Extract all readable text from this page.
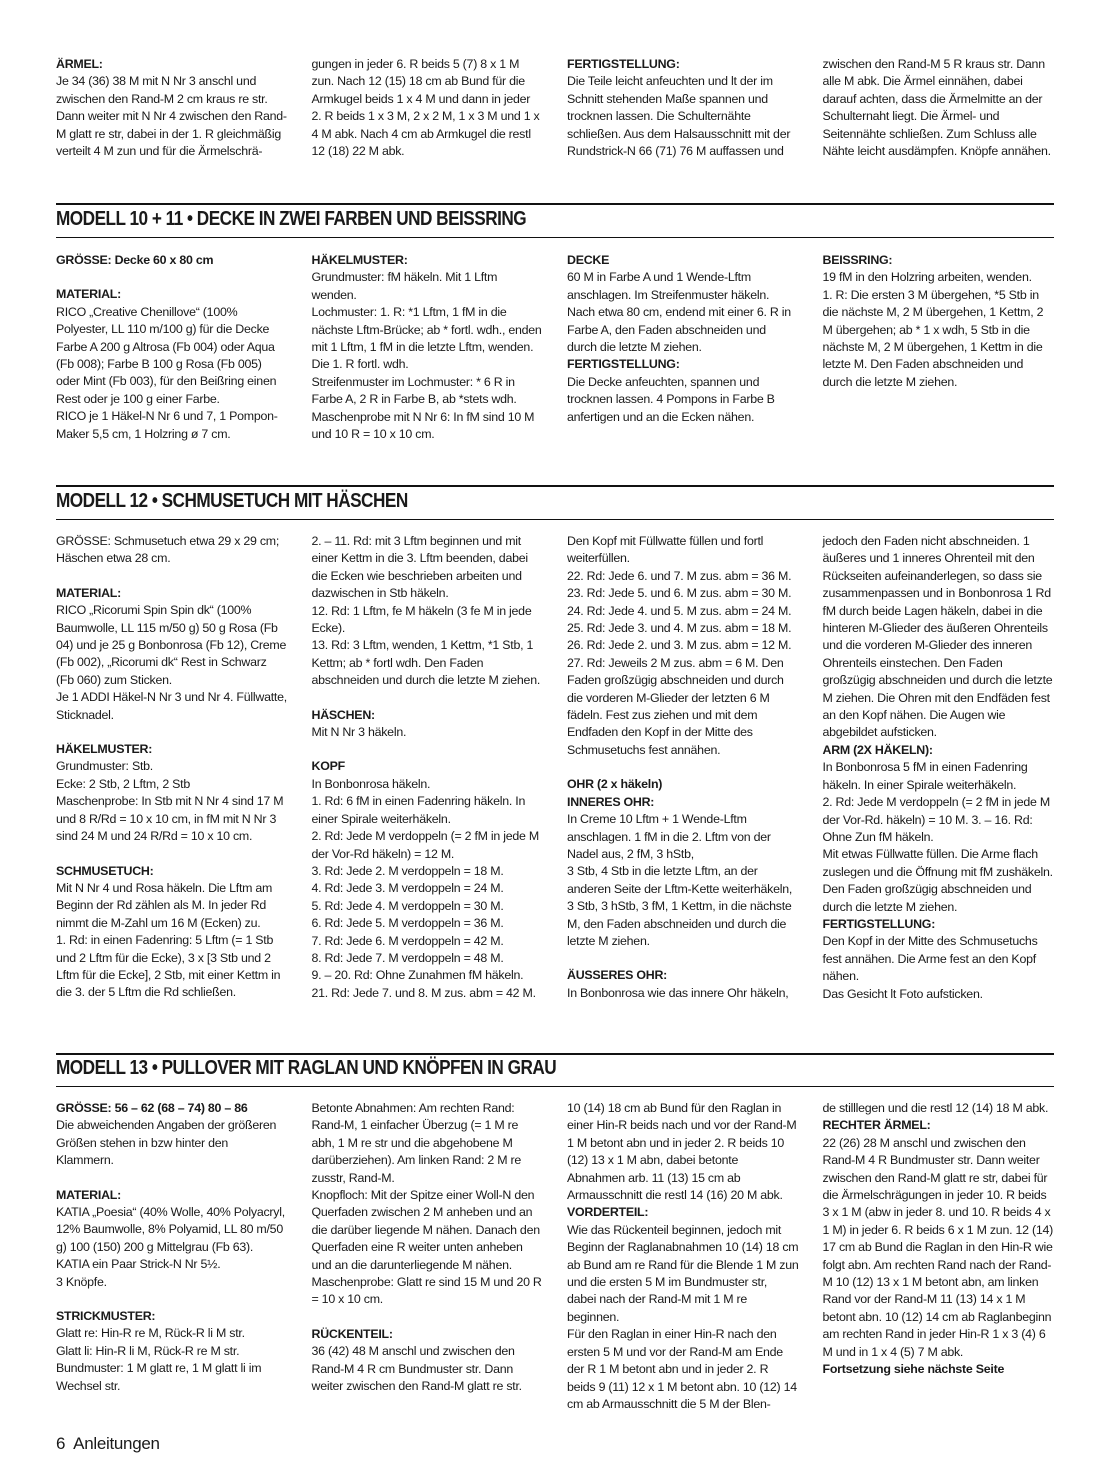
ÄRMEL:

Je 34 (36) 38 M mit N Nr 3 anschl und zwischen den Rand-M 2 cm kraus re str. Dann weiter mit N Nr 4 zwischen den Rand-M glatt re str, dabei in der 1. R gleichmäßig verteilt 4 M zun und für die Ärmelschrä-

gungen in jeder 6. R beids 5 (7) 8 x 1 M zun. Nach 12 (15) 18 cm ab Bund für die Armkugel beids 1 x 4 M und dann in jeder 2. R beids 1 x 3 M, 2 x 2 M, 1 x 3 M und 1 x 4 M abk. Nach 4 cm ab Armkugel die restl 12 (18) 22 M abk.

FERTIGSTELLUNG:

Die Teile leicht anfeuchten und lt der im Schnitt stehenden Maße spannen und trocknen lassen. Die Schulternähte schließen. Aus dem Halsausschnitt mit der Rundstrick-N 66 (71) 76 M auffassen und

zwischen den Rand-M 5 R kraus str. Dann alle M abk. Die Ärmel einnähen, dabei darauf achten, dass die Ärmelmitte an der Schulternaht liegt. Die Ärmel- und Seitennähte schließen. Zum Schluss alle Nähte leicht ausdämpfen. Knöpfe annähen.

MODELL 10 + 11 • DECKE IN ZWEI FARBEN UND BEISSRING

GRÖSSE: Decke 60 x 80 cm

MATERIAL:

RICO „Creative Chenillove“ (100% Polyester, LL 110 m/100 g) für die Decke Farbe A 200 g Altrosa (Fb 004) oder Aqua (Fb 008); Farbe B 100 g Rosa (Fb 005) oder Mint (Fb 003), für den Beißring einen Rest oder je 100 g einer Farbe.

RICO je 1 Häkel-N Nr 6 und 7, 1 Pompon-Maker 5,5 cm, 1 Holzring ø 7 cm.

HÄKELMUSTER:

Grundmuster: fM häkeln. Mit 1 Lftm wenden.

Lochmuster: 1. R: *1 Lftm, 1 fM in die nächste Lftm-Brücke; ab * fortl. wdh., enden mit 1 Lftm, 1 fM in die letzte Lftm, wenden. Die 1. R fortl. wdh.

Streifenmuster im Lochmuster: * 6 R in Farbe A, 2 R in Farbe B, ab *stets wdh.

Maschenprobe mit N Nr 6: In fM sind 10 M und 10 R = 10 x 10 cm.

DECKE

60 M in Farbe A und 1 Wende-Lftm anschlagen. Im Streifenmuster häkeln. Nach etwa 80 cm, endend mit einer 6. R in Farbe A, den Faden abschneiden und durch die letzte M ziehen.

FERTIGSTELLUNG:

Die Decke anfeuchten, spannen und trocknen lassen. 4 Pompons in Farbe B anfertigen und an die Ecken nähen.

BEISSRING:

19 fM in den Holzring arbeiten, wenden.

1. R: Die ersten 3 M übergehen, *5 Stb in die nächste M, 2 M übergehen, 1 Kettm, 2 M übergehen; ab * 1 x wdh, 5 Stb in die nächste M, 2 M übergehen, 1 Kettm in die letzte M. Den Faden abschneiden und durch die letzte M ziehen.

MODELL 12 • SCHMUSETUCH MIT HÄSCHEN

GRÖSSE: Schmusetuch etwa 29 x 29 cm; Häschen etwa 28 cm.

MATERIAL:

RICO „Ricorumi Spin Spin dk“ (100% Baumwolle, LL 115 m/50 g) 50 g Rosa (Fb 04) und je 25 g Bonbonrosa (Fb 12), Creme (Fb 002), „Ricorumi dk“ Rest in Schwarz (Fb 060) zum Sticken.

Je 1 ADDI Häkel-N Nr 3 und Nr 4. Füllwatte, Sticknadel.

HÄKELMUSTER:

Grundmuster: Stb.

Ecke: 2 Stb, 2 Lftm, 2 Stb

Maschenprobe: In Stb mit N Nr 4 sind 17 M und 8 R/Rd = 10 x 10 cm, in fM mit N Nr 3 sind 24 M und 24 R/Rd = 10 x 10 cm.

SCHMUSETUCH:

Mit N Nr 4 und Rosa häkeln. Die Lftm am Beginn der Rd zählen als M. In jeder Rd nimmt die M-Zahl um 16 M (Ecken) zu.

1. Rd: in einen Fadenring: 5 Lftm (= 1 Stb und 2 Lftm für die Ecke), 3 x [3 Stb und 2 Lftm für die Ecke], 2 Stb, mit einer Kettm in die 3. der 5 Lftm die Rd schließen.

2. – 11. Rd: mit 3 Lftm beginnen und mit einer Kettm in die 3. Lftm beenden, dabei die Ecken wie beschrieben arbeiten und dazwischen in Stb häkeln.

12. Rd: 1 Lftm, fe M häkeln (3 fe M in jede Ecke).

13. Rd: 3 Lftm, wenden, 1 Kettm, *1 Stb, 1 Kettm; ab * fortl wdh. Den Faden abschneiden und durch die letzte M ziehen.

HÄSCHEN:

Mit N Nr 3 häkeln.

KOPF

In Bonbonrosa häkeln.

1. Rd: 6 fM in einen Fadenring häkeln. In einer Spirale weiterhäkeln.

2. Rd: Jede M verdoppeln (= 2 fM in jede M der Vor-Rd häkeln) = 12 M.

3. Rd: Jede 2. M verdoppeln = 18 M.

4. Rd: Jede 3. M verdoppeln = 24 M.

5. Rd: Jede 4. M verdoppeln = 30 M.

6. Rd: Jede 5. M verdoppeln = 36 M.

7. Rd: Jede 6. M verdoppeln = 42 M.

8. Rd: Jede 7. M verdoppeln = 48 M.

9. – 20. Rd: Ohne Zunahmen fM häkeln.

21. Rd: Jede 7. und 8. M zus. abm = 42 M.

Den Kopf mit Füllwatte füllen und fortl weiterfüllen.

22. Rd: Jede 6. und 7. M zus. abm = 36 M.

23. Rd: Jede 5. und 6. M zus. abm = 30 M.

24. Rd: Jede 4. und 5. M zus. abm = 24 M.

25. Rd: Jede 3. und 4. M zus. abm = 18 M.

26. Rd: Jede 2. und 3. M zus. abm = 12 M.

27. Rd: Jeweils 2 M zus. abm = 6 M. Den Faden großzügig abschneiden und durch die vorderen M-Glieder der letzten 6 M fädeln. Fest zus ziehen und mit dem Endfaden den Kopf in der Mitte des Schmusetuchs fest annähen.

OHR (2 x häkeln)

INNERES OHR:

In Creme 10 Lftm + 1 Wende-Lftm anschlagen. 1 fM in die 2. Lftm von der Nadel aus, 2 fM, 3 hStb,

3 Stb, 4 Stb in die letzte Lftm, an der anderen Seite der Lftm-Kette weiterhäkeln, 3 Stb, 3 hStb, 3 fM, 1 Kettm, in die nächste M, den Faden abschneiden und durch die letzte M ziehen.

ÄUSSERES OHR:

In Bonbonrosa wie das innere Ohr häkeln,

jedoch den Faden nicht abschneiden. 1 äußeres und 1 inneres Ohrenteil mit den Rückseiten aufeinanderlegen, so dass sie zusammenpassen und in Bonbonrosa 1 Rd fM durch beide Lagen häkeln, dabei in die hinteren M-Glieder des äußeren Ohrenteils und die vorderen M-Glieder des inneren Ohrenteils einstechen. Den Faden großzügig abschneiden und durch die letzte M ziehen. Die Ohren mit den Endfäden fest an den Kopf nähen. Die Augen wie abgebildet aufsticken.

ARM (2X HÄKELN):

In Bonbonrosa 5 fM in einen Fadenring häkeln. In einer Spirale weiterhäkeln.

2. Rd: Jede M verdoppeln (= 2 fM in jede M der Vor-Rd. häkeln) = 10 M. 3. – 16. Rd: Ohne Zun fM häkeln.

Mit etwas Füllwatte füllen. Die Arme flach zuslegen und die Öffnung mit fM zushäkeln. Den Faden großzügig abschneiden und durch die letzte M ziehen.

FERTIGSTELLUNG:

Den Kopf in der Mitte des Schmusetuchs fest annähen. Die Arme fest an den Kopf nähen.

Das Gesicht lt Foto aufsticken.

MODELL 13 • PULLOVER MIT RAGLAN UND KNÖPFEN IN GRAU

GRÖSSE: 56 – 62 (68 – 74) 80 – 86

Die abweichenden Angaben der größeren Größen stehen in bzw hinter den Klammern.

MATERIAL:

KATIA „Poesia“ (40% Wolle, 40% Polyacryl, 12% Baumwolle, 8% Polyamid, LL 80 m/50 g) 100 (150) 200 g Mittelgrau (Fb 63).

KATIA ein Paar Strick-N Nr 5½.

3 Knöpfe.

STRICKMUSTER:

Glatt re: Hin-R re M, Rück-R li M str.

Glatt li: Hin-R li M, Rück-R re M str.

Bundmuster: 1 M glatt re, 1 M glatt li im Wechsel str.

Betonte Abnahmen: Am rechten Rand: Rand-M, 1 einfacher Überzug (= 1 M re abh, 1 M re str und die abgehobene M darüberziehen). Am linken Rand: 2 M re zusstr, Rand-M.

Knopfloch: Mit der Spitze einer Woll-N den Querfaden zwischen 2 M anheben und an die darüber liegende M nähen. Danach den Querfaden eine R weiter unten anheben und an die darunterliegende M nähen.

Maschenprobe: Glatt re sind 15 M und 20 R = 10 x 10 cm.

RÜCKENTEIL:

36 (42) 48 M anschl und zwischen den Rand-M 4 R cm Bundmuster str. Dann weiter zwischen den Rand-M glatt re str.

10 (14) 18 cm ab Bund für den Raglan in einer Hin-R beids nach und vor der Rand-M 1 M betont abn und in jeder 2. R beids 10 (12) 13 x 1 M abn, dabei betonte Abnahmen arb. 11 (13) 15 cm ab Armausschnitt die restl 14 (16) 20 M abk.

VORDERTEIL:

Wie das Rückenteil beginnen, jedoch mit Beginn der Raglanabnahmen 10 (14) 18 cm ab Bund am re Rand für die Blende 1 M zun und die ersten 5 M im Bundmuster str, dabei nach der Rand-M mit 1 M re beginnen.

Für den Raglan in einer Hin-R nach den ersten 5 M und vor der Rand-M am Ende der R 1 M betont abn und in jeder 2. R beids 9 (11) 12 x 1 M betont abn. 10 (12) 14 cm ab Armausschnitt die 5 M der Blen-

de stilllegen und die restl 12 (14) 18 M abk.

RECHTER ÄRMEL:

22 (26) 28 M anschl und zwischen den Rand-M 4 R Bundmuster str. Dann weiter zwischen den Rand-M glatt re str, dabei für die Ärmelschrägungen in jeder 10. R beids 3 x 1 M (abw in jeder 8. und 10. R beids 4 x 1 M) in jeder 6. R beids 6 x 1 M zun. 12 (14) 17 cm ab Bund die Raglan in den Hin-R wie folgt abn. Am rechten Rand nach der Rand-M 10 (12) 13 x 1 M betont abn, am linken Rand vor der Rand-M 11 (13) 14 x 1 M betont abn. 10 (12) 14 cm ab Raglanbeginn am rechten Rand in jeder Hin-R 1 x 3 (4) 6 M und in 1 x 4 (5) 7 M abk.

Fortsetzung siehe nächste Seite

6 Anleitungen
